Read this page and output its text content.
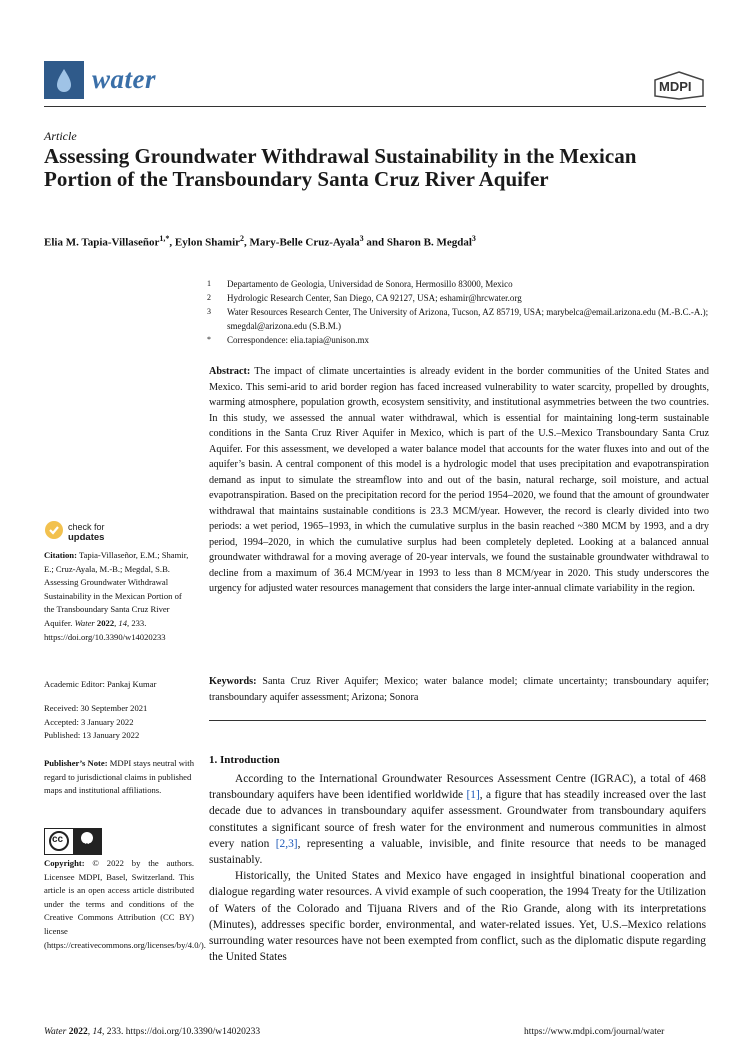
water	MDPI
Article
Assessing Groundwater Withdrawal Sustainability in the Mexican Portion of the Transboundary Santa Cruz River Aquifer
Elia M. Tapia-Villaseñor$^{1,*}$, Eylon Shamir$^2$, Mary-Belle Cruz-Ayala$^3$ and Sharon B. Megdal$^3$
1 Departamento de Geologia, Universidad de Sonora, Hermosillo 83000, Mexico
2 Hydrologic Research Center, San Diego, CA 92127, USA; eshamir@hrcwater.org
3 Water Resources Research Center, The University of Arizona, Tucson, AZ 85719, USA; marybelca@email.arizona.edu (M.-B.C.-A.); smegdal@arizona.edu (S.B.M.)
* Correspondence: elia.tapia@unison.mx
Abstract: The impact of climate uncertainties is already evident in the border communities of the United States and Mexico. This semi-arid to arid border region has faced increased vulnerability to water scarcity, propelled by droughts, warming atmosphere, population growth, ecosystem sensitivity, and institutional asymmetries between the two countries. In this study, we assessed the annual water withdrawal, which is essential for maintaining long-term sustainable conditions in the Santa Cruz River Aquifer in Mexico, which is part of the U.S.–Mexico Transboundary Santa Cruz Aquifer. For this assessment, we developed a water balance model that accounts for the water fluxes into and out of the aquifer’s basin. A central component of this model is a hydrologic model that uses precipitation and evapotranspiration demand as input to simulate the streamflow into and out of the basin, natural recharge, soil moisture, and actual evapotranspiration. Based on the precipitation record for the period 1954–2020, we found that the amount of groundwater withdrawal that maintains sustainable conditions is 23.3 MCM/year. However, the record is clearly divided into two periods: a wet period, 1965–1993, in which the cumulative surplus in the basin reached ~380 MCM by 1993, and a dry period, 1994–2020, in which the cumulative surplus had been completely depleted. Looking at a balanced annual groundwater withdrawal for a moving average of 20-year intervals, we found the sustainable groundwater withdrawal to decline from a maximum of 36.4 MCM/year in 1993 to less than 8 MCM/year in 2020. This study underscores the urgency for adjusted water resources management that considers the large inter-annual climate variability in the region.
Keywords: Santa Cruz River Aquifer; Mexico; water balance model; climate uncertainty; transboundary aquifer; transboundary aquifer assessment; Arizona; Sonora
1. Introduction

According to the International Groundwater Resources Assessment Centre (IGRAC), a total of 468 transboundary aquifers have been identified worldwide [1], a figure that has steadily increased over the last decade due to advances in transboundary aquifer assessment. Groundwater from transboundary aquifers constitutes a significant source of fresh water for the environment and numerous communities in almost every nation [2,3], representing a valuable, invisible, and finite resource that needs to be managed sustainably.

Historically, the United States and Mexico have engaged in insightful binational cooperation and dialogue regarding water resources. A vivid example of such cooperation, the 1994 Treaty for the Utilization of Waters of the Colorado and Tijuana Rivers and of the Rio Grande, along with its interpretations (Minutes), addresses specific border, environmental, and water-related issues. Yet, U.S.–Mexico relations surrounding water resources have not been exempted from conflict, such as the diplomatic dispute regarding the United States

check for
updates
Citation: Tapia-Villaseñor, E.M.; Shamir, E.; Cruz-Ayala, M.-B.; Megdal, S.B. Assessing Groundwater Withdrawal Sustainability in the Mexican Portion of the Transboundary Santa Cruz River Aquifer. Water 2022, 14, 233. https://doi.org/10.3390/w14020233
Academic Editor: Pankaj Kumar
Received: 30 September 2021
Accepted: 3 January 2022
Published: 13 January 2022
Publisher’s Note: MDPI stays neutral with regard to jurisdictional claims in published maps and institutional affiliations.
cc
BY
Copyright: © 2022 by the authors. Licensee MDPI, Basel, Switzerland. This article is an open access article distributed under the terms and conditions of the Creative Commons Attribution (CC BY) license (https://creativecommons.org/licenses/by/4.0/).
Water 2022, 14, 233. https://doi.org/10.3390/w14020233	https://www.mdpi.com/journal/water
